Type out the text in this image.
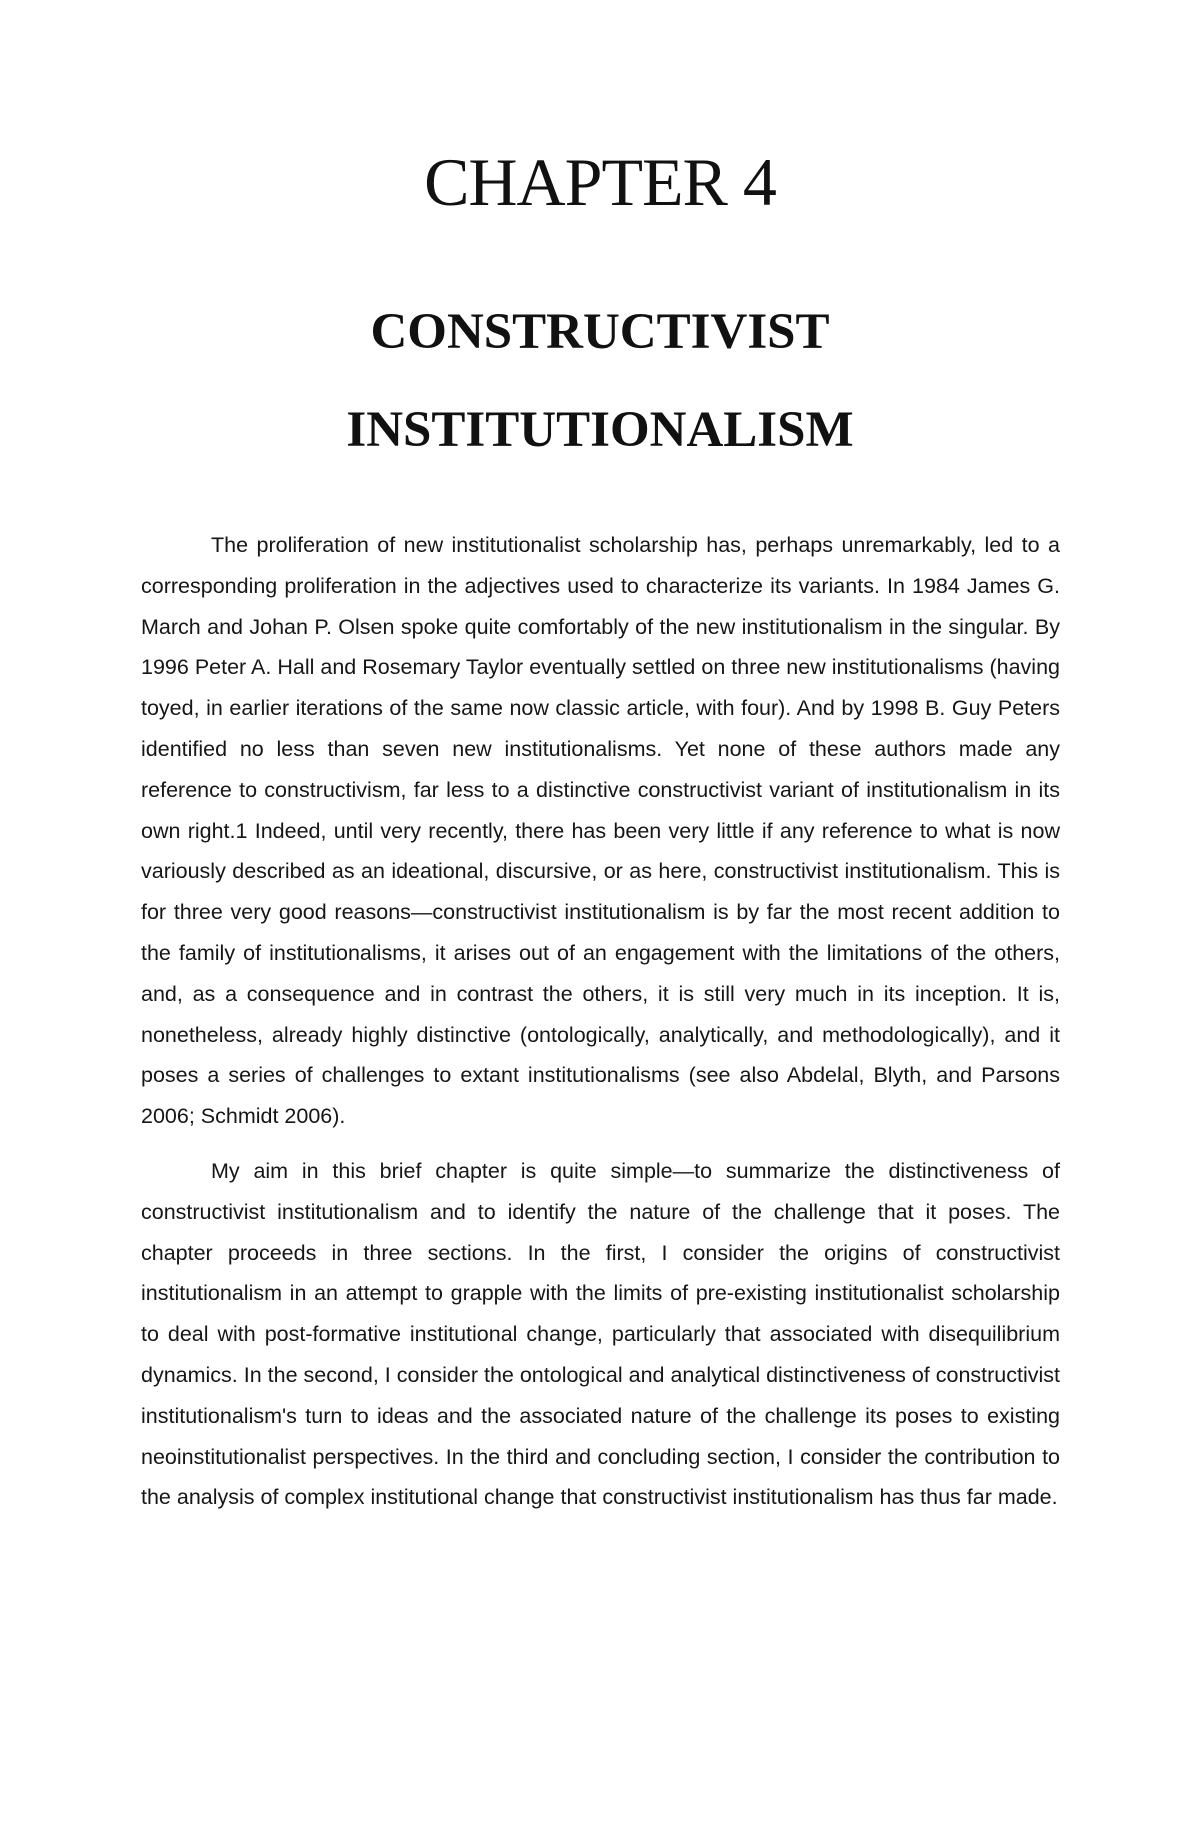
CHAPTER 4
CONSTRUCTIVIST
INSTITUTIONALISM

The proliferation of new institutionalist scholarship has, perhaps unremarkably, led to a corresponding proliferation in the adjectives used to characterize its variants. In 1984 James G. March and Johan P. Olsen spoke quite comfortably of the new institutionalism in the singular. By 1996 Peter A. Hall and Rosemary Taylor eventually settled on three new institutionalisms (having toyed, in earlier iterations of the same now classic article, with four). And by 1998 B. Guy Peters identified no less than seven new institutionalisms. Yet none of these authors made any reference to constructivism, far less to a distinctive constructivist variant of institutionalism in its own right.1 Indeed, until very recently, there has been very little if any reference to what is now variously described as an ideational, discursive, or as here, constructivist institutionalism. This is for three very good reasons—constructivist institutionalism is by far the most recent addition to the family of institutionalisms, it arises out of an engagement with the limitations of the others, and, as a consequence and in contrast the others, it is still very much in its inception. It is, nonetheless, already highly distinctive (ontologically, analytically, and methodologically), and it poses a series of challenges to extant institutionalisms (see also Abdelal, Blyth, and Parsons 2006; Schmidt 2006).

My aim in this brief chapter is quite simple—to summarize the distinctiveness of constructivist institutionalism and to identify the nature of the challenge that it poses. The chapter proceeds in three sections. In the first, I consider the origins of constructivist institutionalism in an attempt to grapple with the limits of pre-existing institutionalist scholarship to deal with post-formative institutional change, particularly that associated with disequilibrium dynamics. In the second, I consider the ontological and analytical distinctiveness of constructivist institutionalism's turn to ideas and the associated nature of the challenge its poses to existing neoinstitutionalist perspectives. In the third and concluding section, I consider the contribution to the analysis of complex institutional change that constructivist institutionalism has thus far made.
